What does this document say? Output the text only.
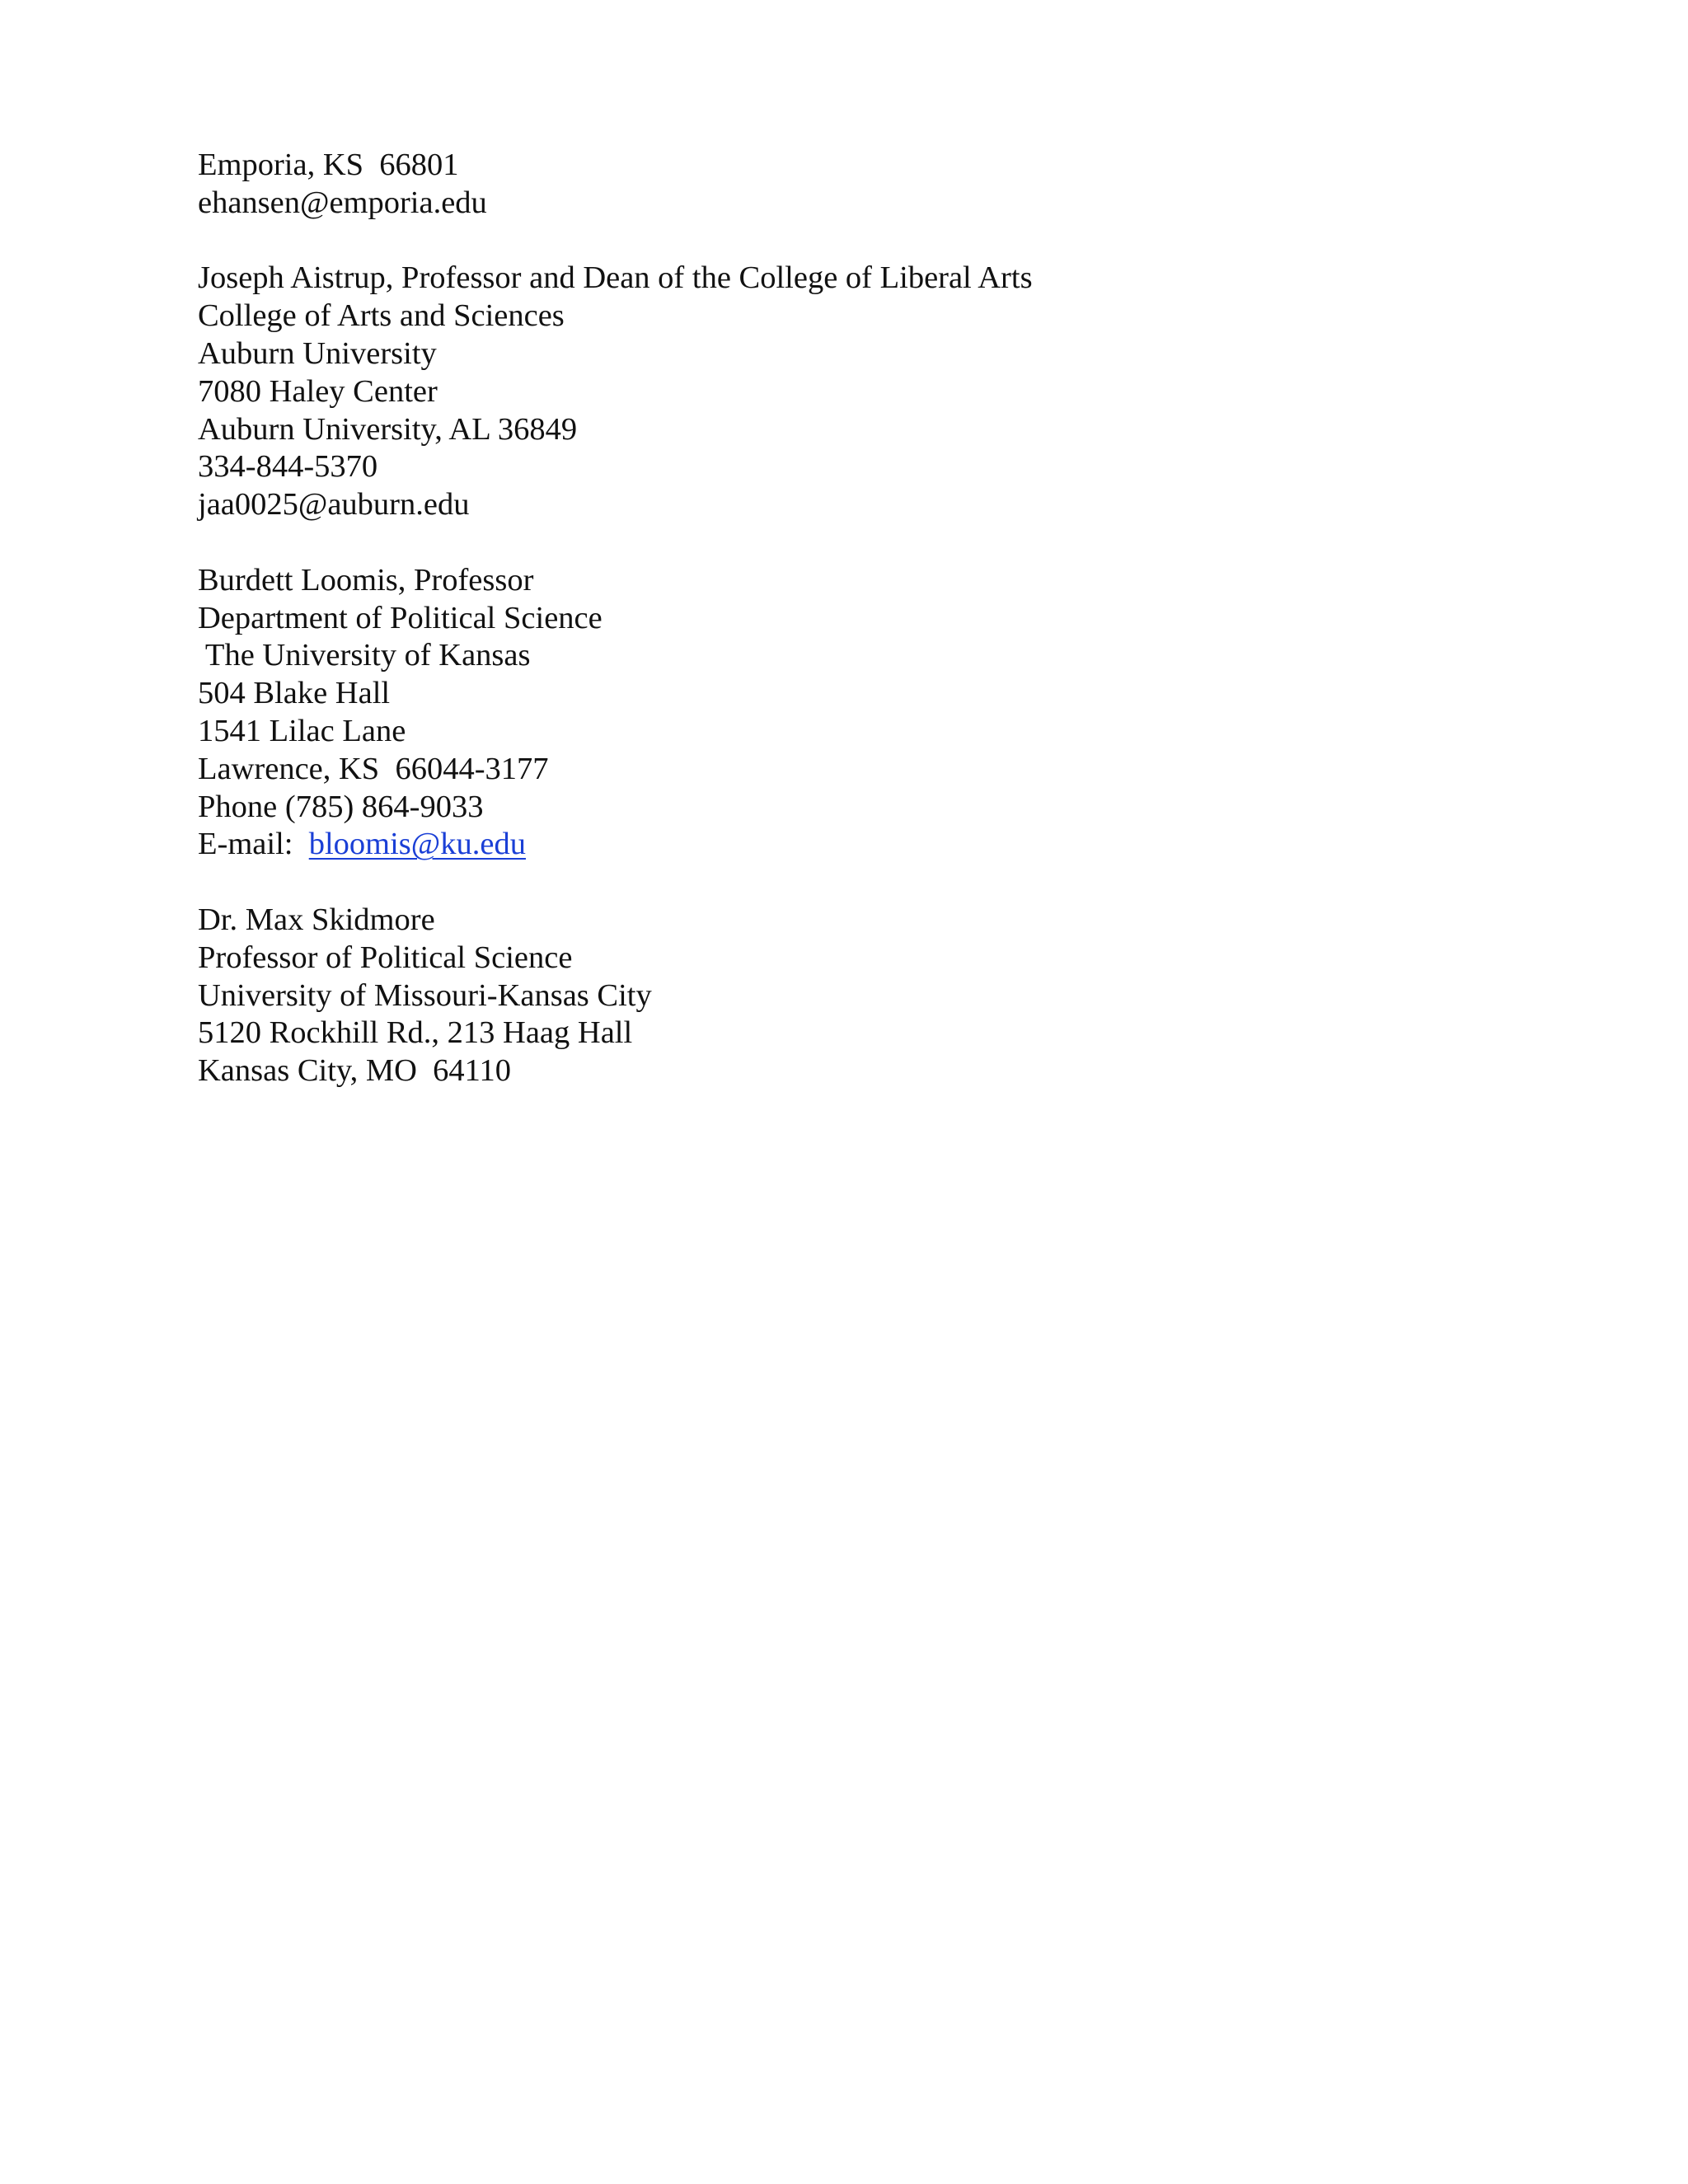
Emporia, KS  66801
ehansen@emporia.edu
Joseph Aistrup, Professor and Dean of the College of Liberal Arts
College of Arts and Sciences
Auburn University
7080 Haley Center
Auburn University, AL 36849
334-844-5370
jaa0025@auburn.edu
Burdett Loomis, Professor
Department of Political Science
The University of Kansas
504 Blake Hall
1541 Lilac Lane
Lawrence, KS  66044-3177
Phone (785) 864-9033
E-mail:  bloomis@ku.edu
Dr. Max Skidmore
Professor of Political Science
University of Missouri-Kansas City
5120 Rockhill Rd., 213 Haag Hall
Kansas City, MO  64110
